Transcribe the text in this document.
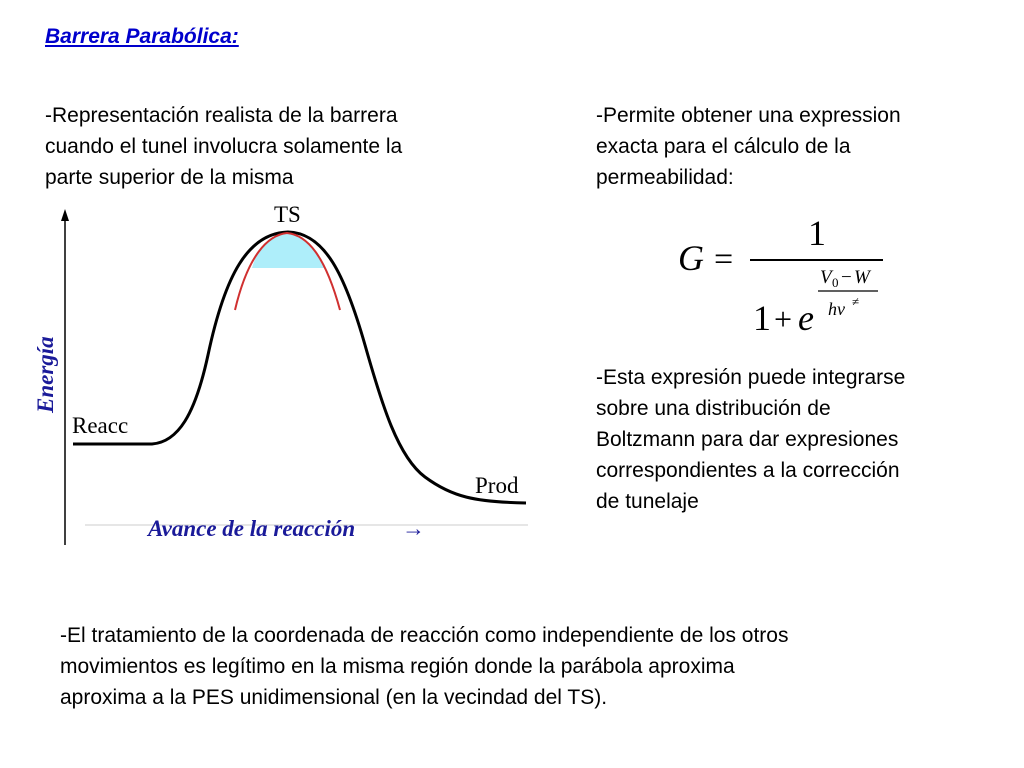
Barrera Parabólica:

-Representación realista de la barrera
cuando el tunel involucra solamente la
parte superior de la misma

-Permite obtener una expression
exacta para el cálculo de la
permeabilidad:

-Esta expresión puede integrarse
sobre una distribución de
Boltzmann para dar expresiones
correspondientes a la corrección
de tunelaje

-El tratamiento de la coordenada de reacción como independiente de los otros
movimientos es legítimo en la misma región donde la parábola aproxima
aproxima a la PES unidimensional (en la vecindad del TS).

TS
Reacc
Prod
Energía
Avance de la reacción →
G =
1
1 + e
V 0 − W
hν ≠
